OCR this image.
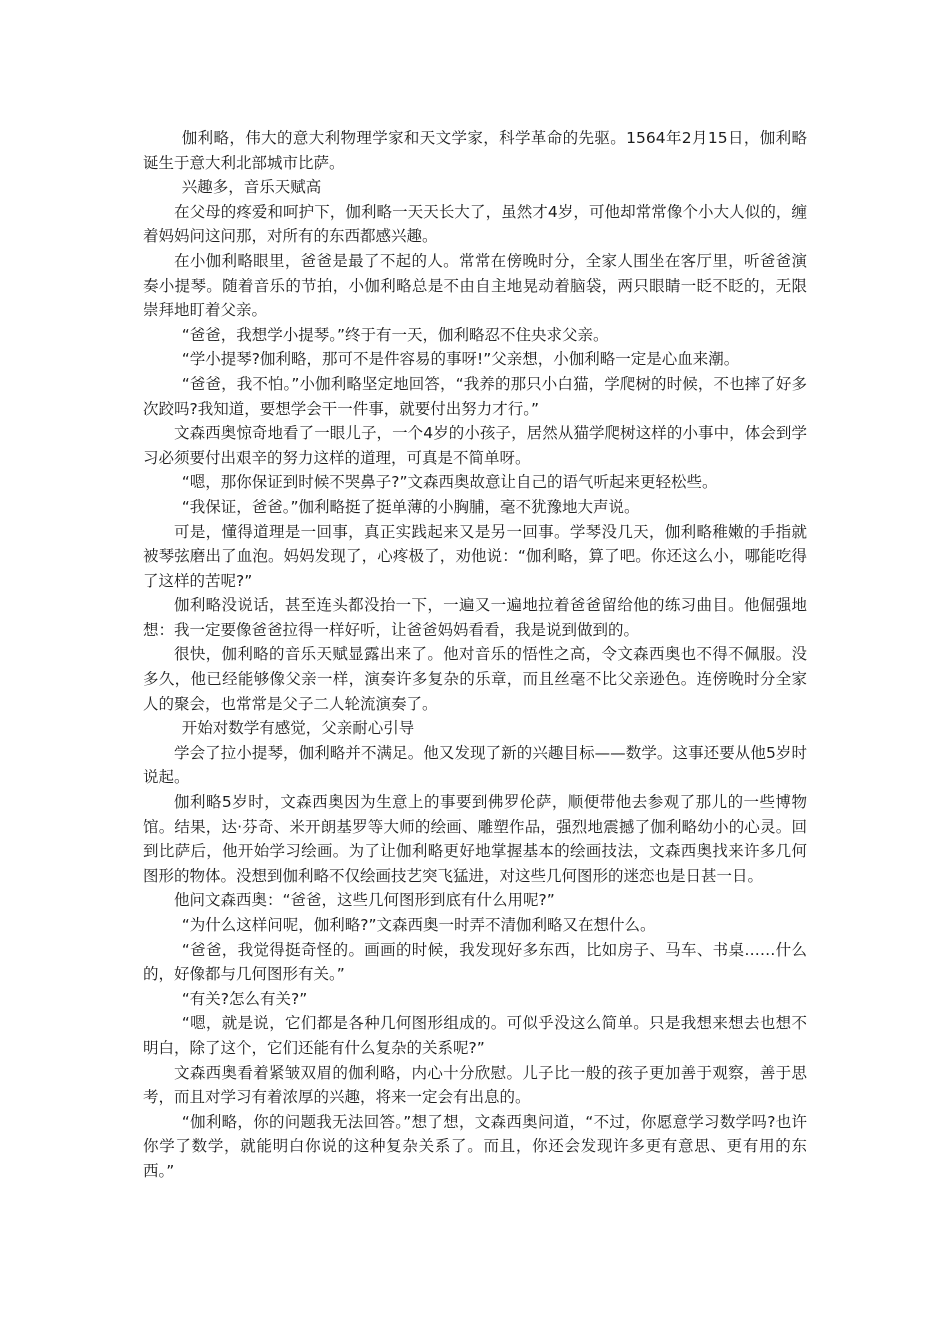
伽利略，伟大的意大利物理学家和天文学家，科学革命的先驱。1564年2月15日，伽利略诞生于意大利北部城市比萨。

兴趣多，音乐天赋高

在父母的疼爱和呵护下，伽利略一天天长大了，虽然才4岁，可他却常常像个小大人似的，缠着妈妈问这问那，对所有的东西都感兴趣。

在小伽利略眼里，爸爸是最了不起的人。常常在傍晚时分，全家人围坐在客厅里，听爸爸演奏小提琴。随着音乐的节拍，小伽利略总是不由自主地晃动着脑袋，两只眼睛一眨不眨的，无限崇拜地盯着父亲。

“爸爸，我想学小提琴。”终于有一天，伽利略忍不住央求父亲。

“学小提琴?伽利略，那可不是件容易的事呀!”父亲想，小伽利略一定是心血来潮。

“爸爸，我不怕。”小伽利略坚定地回答，“我养的那只小白猫，学爬树的时候，不也摔了好多次跤吗?我知道，要想学会干一件事，就要付出努力才行。”

文森西奥惊奇地看了一眼儿子，一个4岁的小孩子，居然从猫学爬树这样的小事中，体会到学习必须要付出艰辛的努力这样的道理，可真是不简单呀。

“嗯，那你保证到时候不哭鼻子?”文森西奥故意让自己的语气听起来更轻松些。

“我保证，爸爸。”伽利略挺了挺单薄的小胸脯，毫不犹豫地大声说。

可是，懂得道理是一回事，真正实践起来又是另一回事。学琴没几天，伽利略稚嫩的手指就被琴弦磨出了血泡。妈妈发现了，心疼极了，劝他说：“伽利略，算了吧。你还这么小，哪能吃得了这样的苦呢?”

伽利略没说话，甚至连头都没抬一下，一遍又一遍地拉着爸爸留给他的练习曲目。他倔强地想：我一定要像爸爸拉得一样好听，让爸爸妈妈看看，我是说到做到的。

很快，伽利略的音乐天赋显露出来了。他对音乐的悟性之高，令文森西奥也不得不佩服。没多久，他已经能够像父亲一样，演奏许多复杂的乐章，而且丝毫不比父亲逊色。连傍晚时分全家人的聚会，也常常是父子二人轮流演奏了。

开始对数学有感觉，父亲耐心引导

学会了拉小提琴，伽利略并不满足。他又发现了新的兴趣目标——数学。这事还要从他5岁时说起。

伽利略5岁时，文森西奥因为生意上的事要到佛罗伦萨，顺便带他去参观了那儿的一些博物馆。结果，达·芬奇、米开朗基罗等大师的绘画、雕塑作品，强烈地震撼了伽利略幼小的心灵。回到比萨后，他开始学习绘画。为了让伽利略更好地掌握基本的绘画技法，文森西奥找来许多几何图形的物体。没想到伽利略不仅绘画技艺突飞猛进，对这些几何图形的迷恋也是日甚一日。

他问文森西奥：“爸爸，这些几何图形到底有什么用呢?”

“为什么这样问呢，伽利略?”文森西奥一时弄不清伽利略又在想什么。

“爸爸，我觉得挺奇怪的。画画的时候，我发现好多东西，比如房子、马车、书桌……什么的，好像都与几何图形有关。”

“有关?怎么有关?”

“嗯，就是说，它们都是各种几何图形组成的。可似乎没这么简单。只是我想来想去也想不明白，除了这个，它们还能有什么复杂的关系呢?”

文森西奥看着紧皱双眉的伽利略，内心十分欣慰。儿子比一般的孩子更加善于观察，善于思考，而且对学习有着浓厚的兴趣，将来一定会有出息的。

“伽利略，你的问题我无法回答。”想了想，文森西奥问道，“不过，你愿意学习数学吗?也许你学了数学，就能明白你说的这种复杂关系了。而且，你还会发现许多更有意思、更有用的东西。”
